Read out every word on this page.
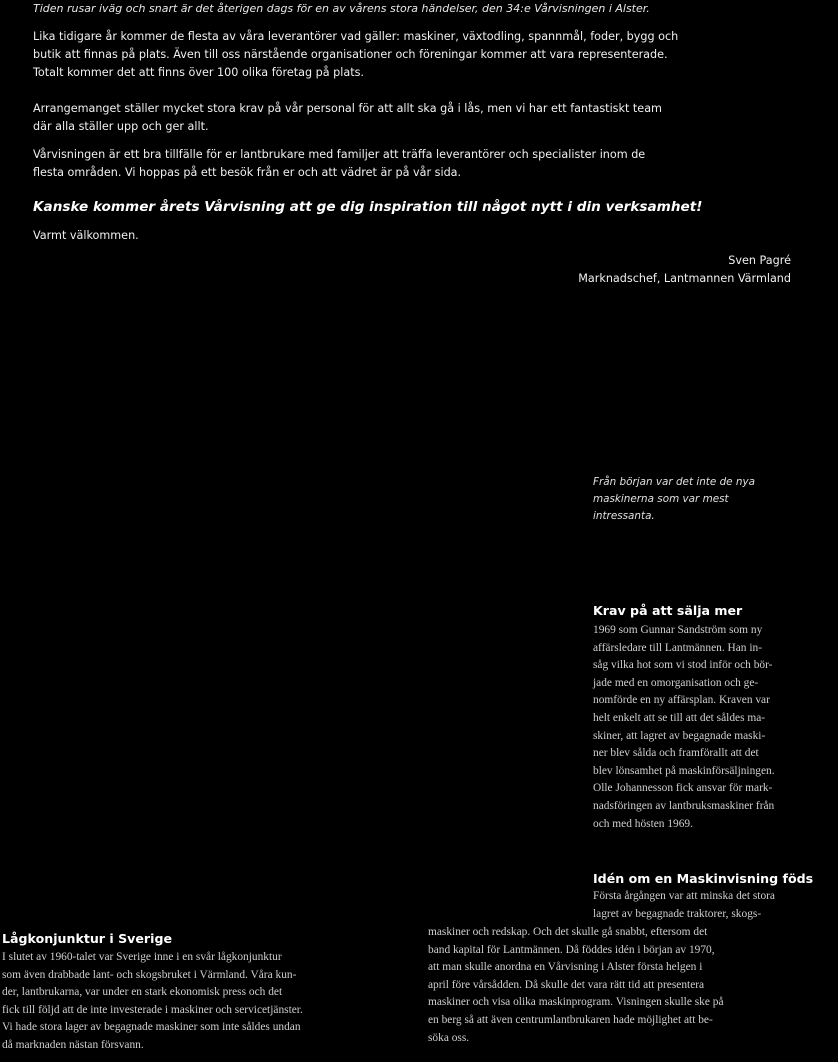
Tiden rusar iväg och snart är det återigen dags för en av vårens stora händelser, den 34:e Vårvisningen i Alster.

Lika tidigare år kommer de flesta av våra leverantörer vad gäller: maskiner, växtodling, spannmål, foder, bygg och

butik att finnas på plats. Även till oss närstående organisationer och föreningar kommer att vara representerade.

Totalt kommer det att finns över 100 olika företag på plats.

Arrangemanget ställer mycket stora krav på vår personal för att allt ska gå i lås, men vi har ett fantastiskt team

där alla ställer upp och ger allt.

Vårvisningen är ett bra tillfälle för er lantbrukare med familjer att träffa leverantörer och specialister inom de

flesta områden. Vi hoppas på ett besök från er och att vädret är på vår sida.

Kanske kommer årets Vårvisning att ge dig inspiration till något nytt i din verksamhet!
Varmt välkommen.

Sven Pagré

Marknadschef, Lantmannen Värmland

Från början var det inte de nya

maskinerna som var mest

intressanta.

Krav på att sälja mer

1969 som Gunnar Sandström som ny

affärsledare till Lantmännen. Han in-

såg vilka hot som vi stod inför och bör-

jade med en omorganisation och ge-

nomförde en ny affärsplan. Kraven var

helt enkelt att se till att det såldes ma-

skiner, att lagret av begagnade maski-

ner blev sålda och framförallt att det

blev lönsamhet på maskinförsäljningen.

Olle Johannesson fick ansvar för mark-

nadsföringen av lantbruksmaskiner från

och med hösten 1969.

Idén om en Maskinvisning föds

Första årgången var att minska det stora

lagret av begagnade traktorer, skogs-

maskiner och redskap. Och det skulle gå snabbt, eftersom det

band kapital för Lantmännen. Då föddes idén i början av 1970,

att man skulle anordna en Vårvisning i Alster första helgen i

april före vårsådden. Då skulle det vara rätt tid att presentera

maskiner och visa olika maskinprogram. Visningen skulle ske på

en berg så att även centrumlantbrukaren hade möjlighet att be-

söka oss.

Lågkonjunktur i Sverige

I slutet av 1960-talet var Sverige inne i en svår lågkonjunktur

som även drabbade lant- och skogsbruket i Värmland. Våra kun-

der, lantbrukarna, var under en stark ekonomisk press och det

fick till följd att de inte investerade i maskiner och servicetjänster.

Vi hade stora lager av begagnade maskiner som inte såldes undan

då marknaden nästan försvann.
